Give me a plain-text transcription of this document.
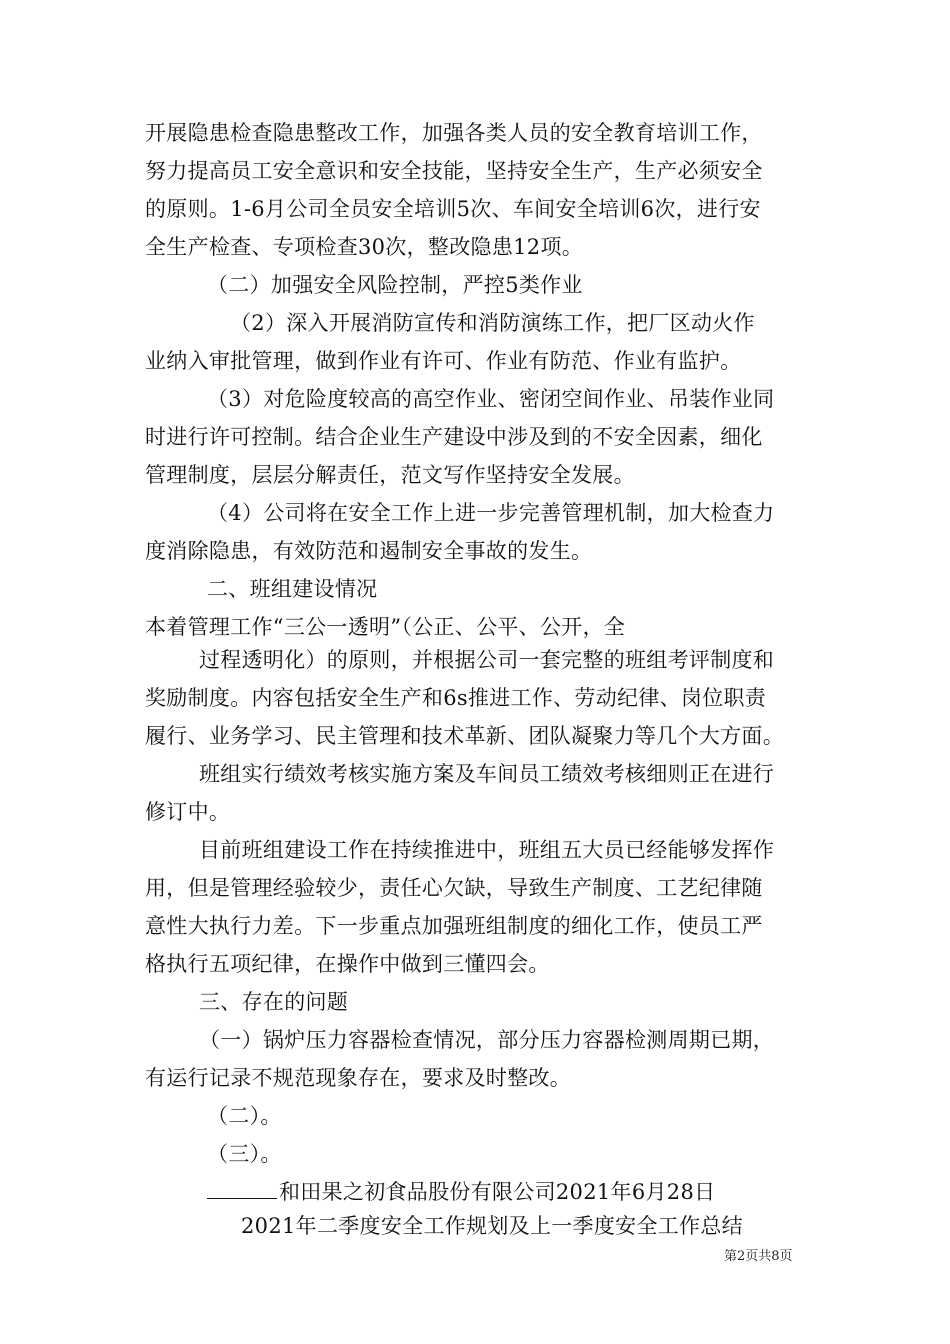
开展隐患检查隐患整改工作，加强各类人员的安全教育培训工作，
努力提高员工安全意识和安全技能，坚持安全生产，生产必须安全
的原则。1-6月公司全员安全培训5次、车间安全培训6次，进行安
全生产检查、专项检查30次，整改隐患12项。
（二）加强安全风险控制，严控5类作业
（2）深入开展消防宣传和消防演练工作，把厂区动火作
业纳入审批管理，做到作业有许可、作业有防范、作业有监护。
（3）对危险度较高的高空作业、密闭空间作业、吊装作业同
时进行许可控制。结合企业生产建设中涉及到的不安全因素，细化
管理制度，层层分解责任，范文写作坚持安全发展。
（4）公司将在安全工作上进一步完善管理机制，加大检查力
度消除隐患，有效防范和遏制安全事故的发生。
二、班组建设情况
本着管理工作“三公一透明”（公正、公平、公开，全
过程透明化）的原则，并根据公司一套完整的班组考评制度和
奖励制度。内容包括安全生产和6s推进工作、劳动纪律、岗位职责
履行、业务学习、民主管理和技术革新、团队凝聚力等几个大方面。
班组实行绩效考核实施方案及车间员工绩效考核细则正在进行
修订中。
目前班组建设工作在持续推进中，班组五大员已经能够发挥作
用，但是管理经验较少，责任心欠缺，导致生产制度、工艺纪律随
意性大执行力差。下一步重点加强班组制度的细化工作，使员工严
格执行五项纪律，在操作中做到三懂四会。
三、存在的问题
（一）锅炉压力容器检查情况，部分压力容器检测周期已期，
有运行记录不规范现象存在，要求及时整改。
（二）。
（三）。
和田果之初食品股份有限公司2021年6月28日
2021年二季度安全工作规划及上一季度安全工作总结
第2页共8页
